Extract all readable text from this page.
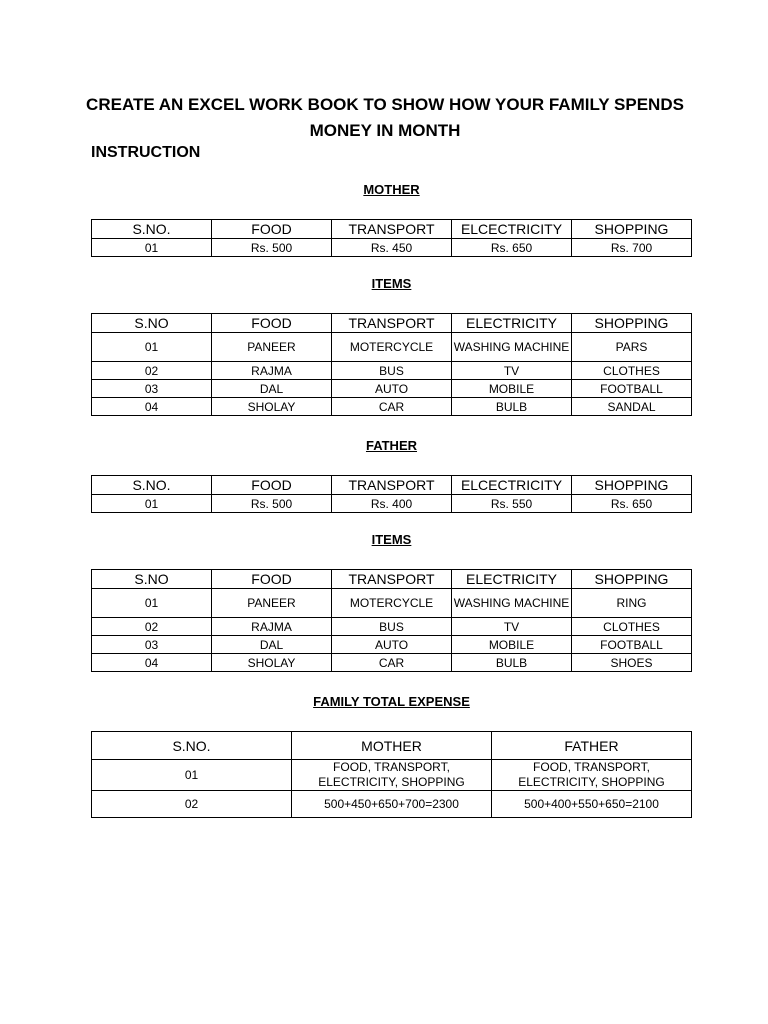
CREATE AN EXCEL WORK BOOK TO SHOW HOW YOUR FAMILY SPENDS MONEY IN MONTH
INSTRUCTION
MOTHER
S.NO.	FOOD	TRANSPORT	ELCECTRICITY	SHOPPING
01	Rs. 500	Rs. 450	Rs. 650	Rs. 700
ITEMS
S.NO	FOOD	TRANSPORT	ELECTRICITY	SHOPPING
01	PANEER	MOTERCYCLE	WASHING MACHINE	PARS
02	RAJMA	BUS	TV	CLOTHES
03	DAL	AUTO	MOBILE	FOOTBALL
04	SHOLAY	CAR	BULB	SANDAL
FATHER
S.NO.	FOOD	TRANSPORT	ELCECTRICITY	SHOPPING
01	Rs. 500	Rs. 400	Rs. 550	Rs. 650
ITEMS
S.NO	FOOD	TRANSPORT	ELECTRICITY	SHOPPING
01	PANEER	MOTERCYCLE	WASHING MACHINE	RING
02	RAJMA	BUS	TV	CLOTHES
03	DAL	AUTO	MOBILE	FOOTBALL
04	SHOLAY	CAR	BULB	SHOES
FAMILY TOTAL EXPENSE
S.NO.	MOTHER	FATHER
01	FOOD, TRANSPORT, ELECTRICITY, SHOPPING	FOOD, TRANSPORT, ELECTRICITY, SHOPPING
02	500+450+650+700=2300	500+400+550+650=2100
